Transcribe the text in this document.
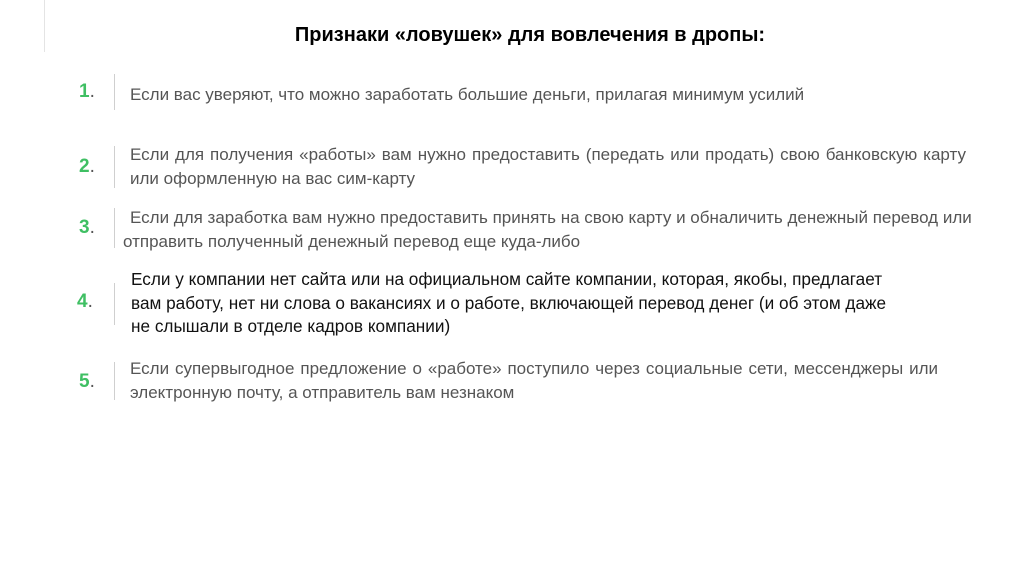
Признаки «ловушек» для вовлечения в дропы:
1. Если вас уверяют, что можно заработать большие деньги, прилагая минимум усилий
2.
Если для получения «работы» вам нужно предоставить (передать или продать) свою банковскую карту или оформленную на вас сим-карту
3.	Если для заработка вам нужно предоставить принять на свою карту и обналичить денежный перевод или отправить полученный денежный перевод еще куда-либо
4.
Если у компании нет сайта или на официальном сайте компании, которая, якобы, предлагает вам работу, нет ни слова о вакансиях и о работе, включающей перевод денег (и об этом даже не слышали в отделе кадров компании)
5.
Если супервыгодное предложение о «работе» поступило через социальные сети, мессенджеры или электронную почту, а отправитель вам незнаком
